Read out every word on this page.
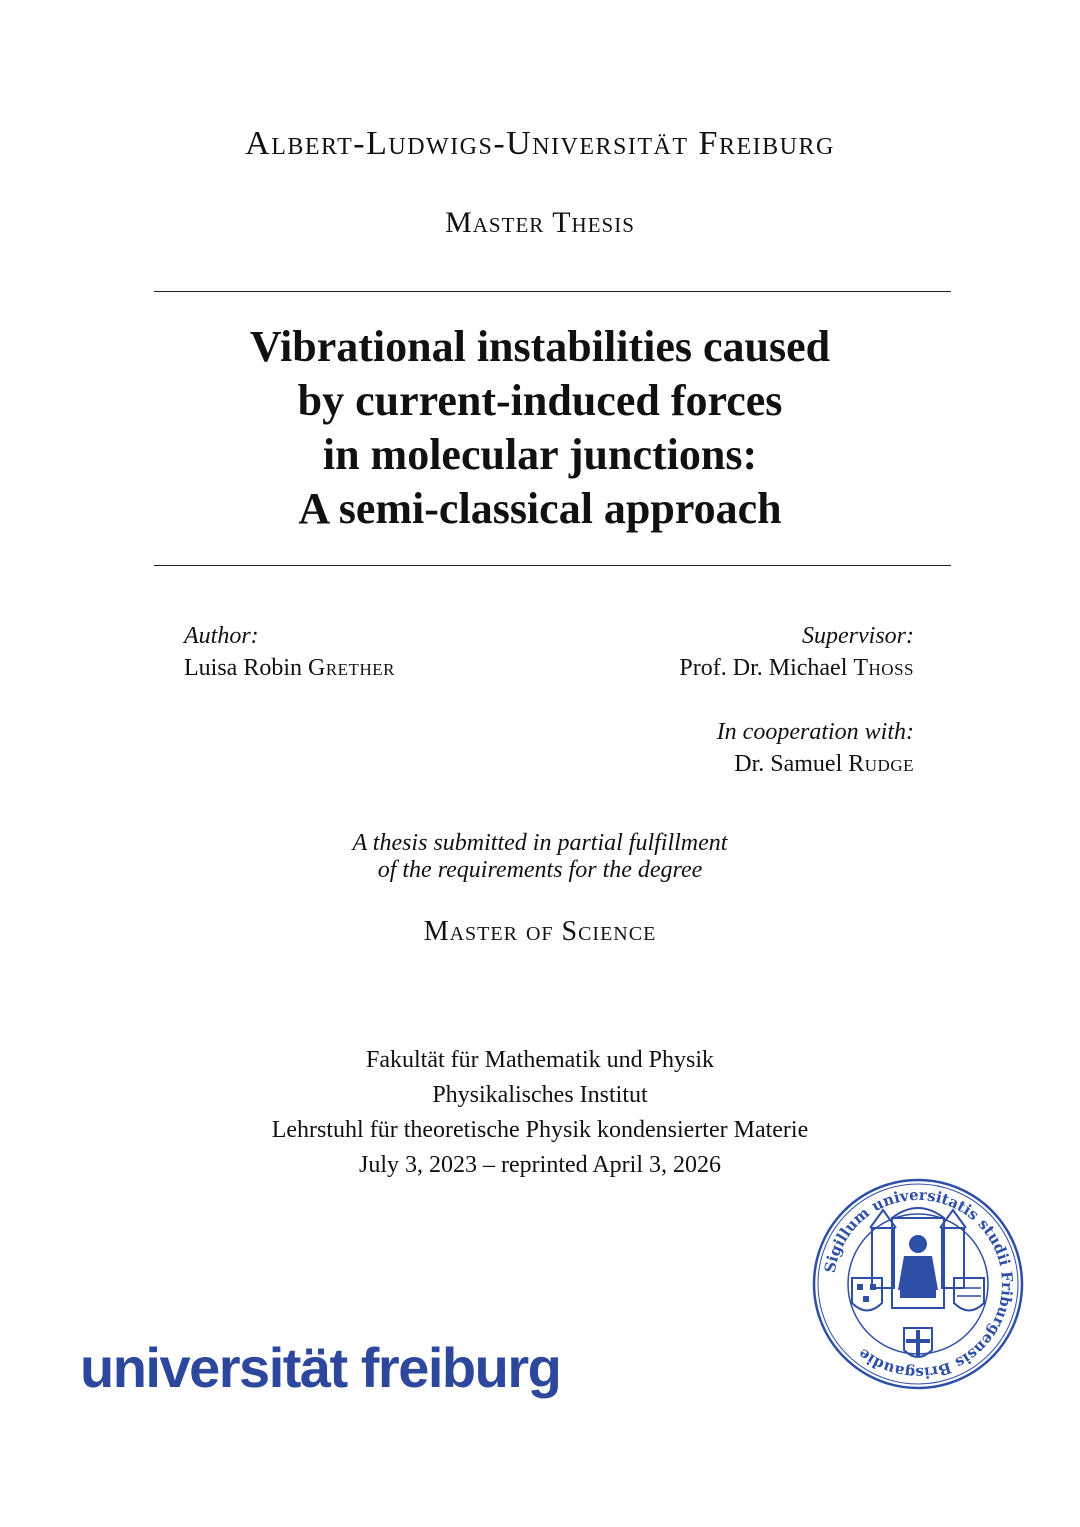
Albert-Ludwigs-Universität Freiburg
Master Thesis
Vibrational instabilities caused
by current-induced forces
in molecular junctions:
A semi-classical approach
Author:
Luisa Robin Grether
Supervisor:
Prof. Dr. Michael Thoss
In cooperation with:
Dr. Samuel Rudge
A thesis submitted in partial fulfillment
of the requirements for the degree
Master of Science
Fakultät für Mathematik und Physik
Physikalisches Institut
Lehrstuhl für theoretische Physik kondensierter Materie
July 3, 2023 – reprinted April 3, 2026
universität freiburg
Sigillum universitatis studii Friburgensis Brisgaudie
